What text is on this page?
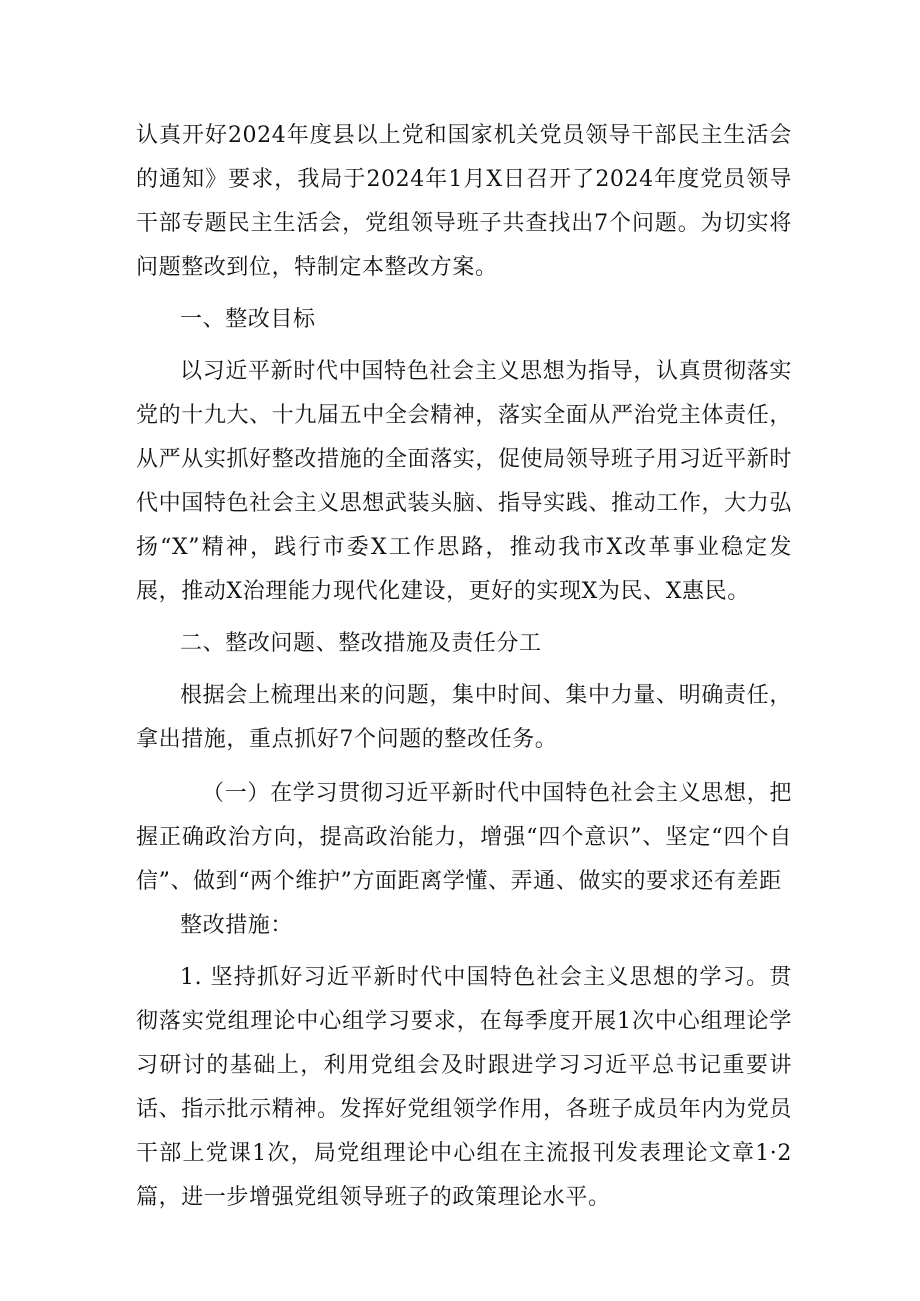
认真开好2024年度县以上党和国家机关党员领导干部民主生活会的通知》要求，我局于2024年1月X日召开了2024年度党员领导干部专题民主生活会，党组领导班子共查找出7个问题。为切实将问题整改到位，特制定本整改方案。

一、整改目标

以习近平新时代中国特色社会主义思想为指导，认真贯彻落实党的十九大、十九届五中全会精神，落实全面从严治党主体责任，从严从实抓好整改措施的全面落实，促使局领导班子用习近平新时代中国特色社会主义思想武装头脑、指导实践、推动工作，大力弘扬“X”精神，践行市委X工作思路，推动我市X改革事业稳定发展，推动X治理能力现代化建设，更好的实现X为民、X惠民。

二、整改问题、整改措施及责任分工

根据会上梳理出来的问题，集中时间、集中力量、明确责任，拿出措施，重点抓好7个问题的整改任务。

（一）在学习贯彻习近平新时代中国特色社会主义思想，把握正确政治方向，提高政治能力，增强“四个意识”、坚定“四个自信”、做到“两个维护”方面距离学懂、弄通、做实的要求还有差距

整改措施：

1. 坚持抓好习近平新时代中国特色社会主义思想的学习。贯彻落实党组理论中心组学习要求，在每季度开展1次中心组理论学习研讨的基础上，利用党组会及时跟进学习习近平总书记重要讲话、指示批示精神。发挥好党组领学作用，各班子成员年内为党员干部上党课1次，局党组理论中心组在主流报刊发表理论文章1·2篇，进一步增强党组领导班子的政策理论水平。
